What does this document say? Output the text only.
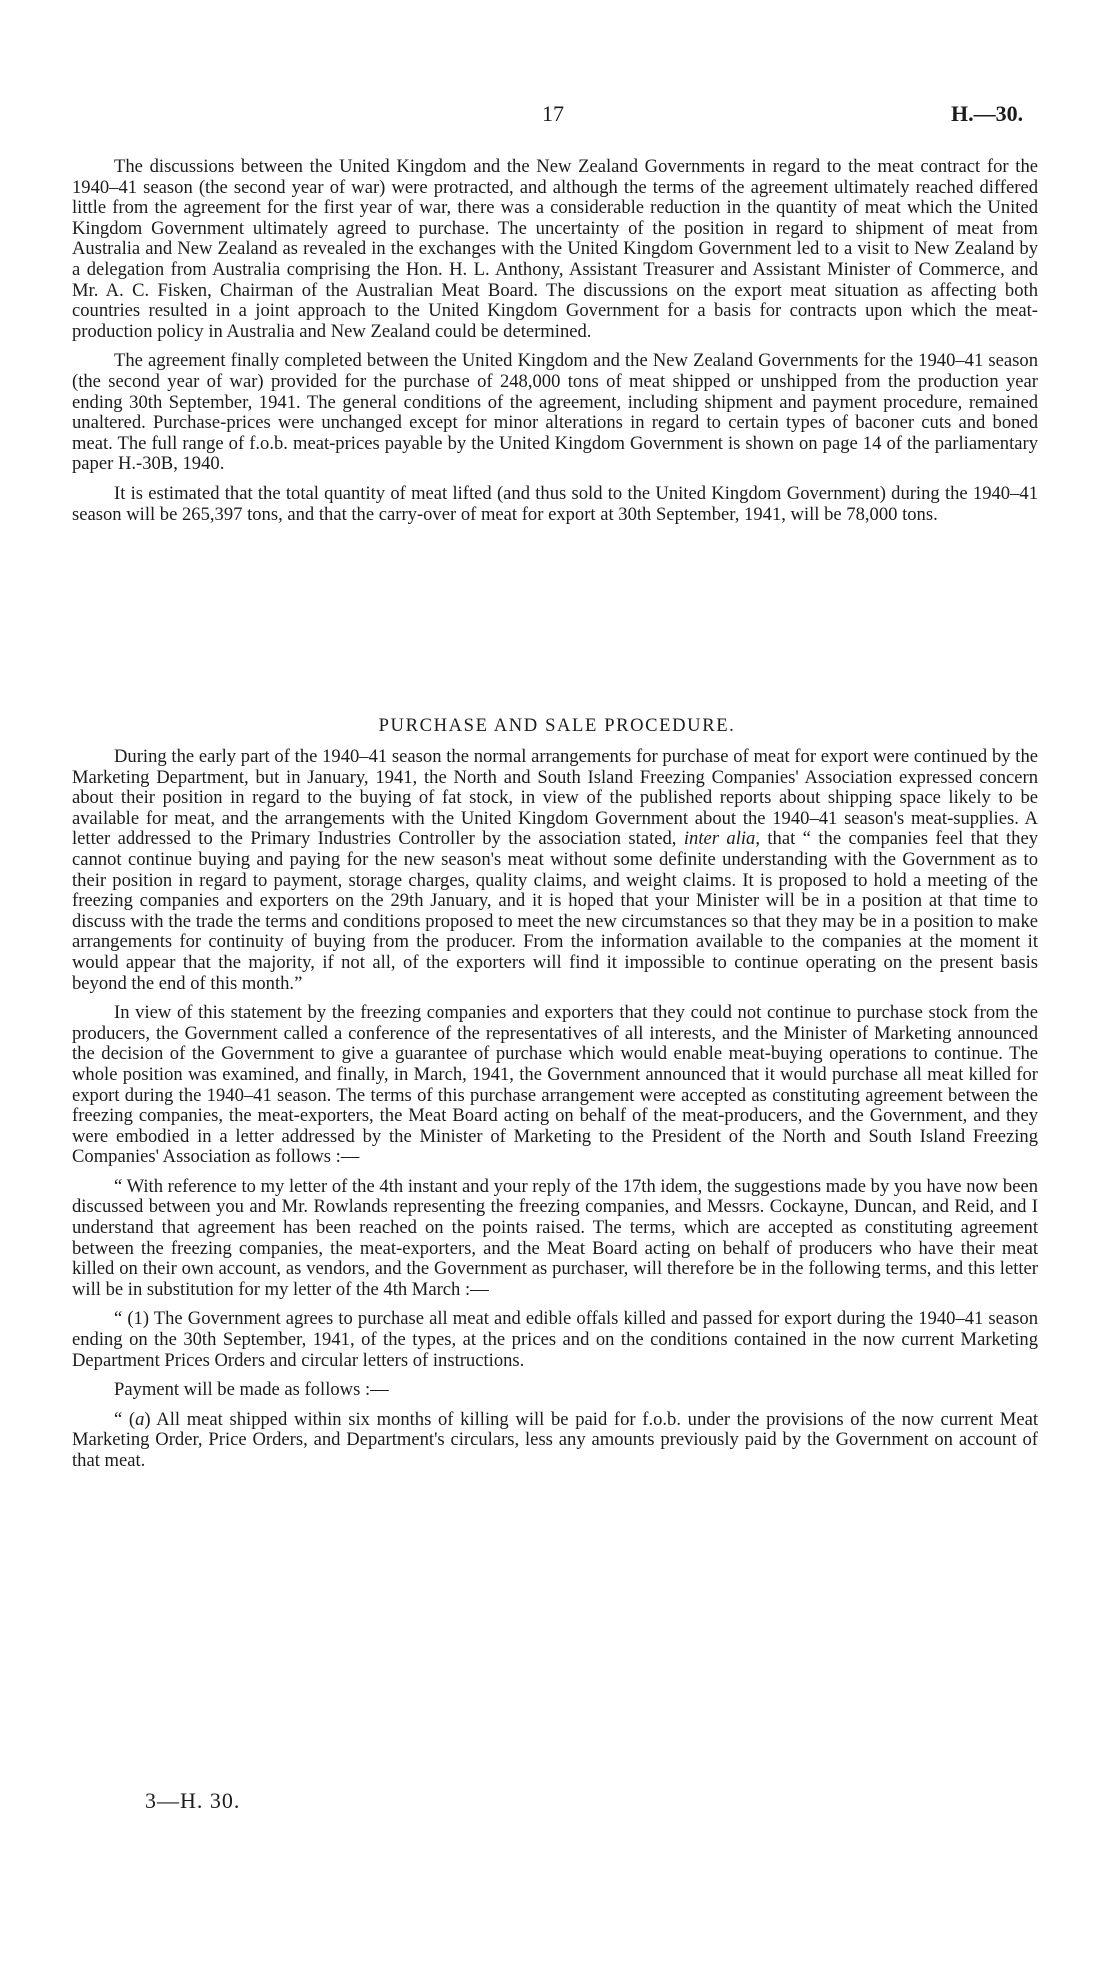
17	H.—30.

The discussions between the United Kingdom and the New Zealand Governments in regard to the meat contract for the 1940–41 season (the second year of war) were protracted, and although the terms of the agreement ultimately reached differed little from the agreement for the first year of war, there was a considerable reduction in the quantity of meat which the United Kingdom Government ultimately agreed to purchase. The uncertainty of the position in regard to shipment of meat from Australia and New Zealand as revealed in the exchanges with the United Kingdom Government led to a visit to New Zealand by a delegation from Australia comprising the Hon. H. L. Anthony, Assistant Treasurer and Assistant Minister of Commerce, and Mr. A. C. Fisken, Chairman of the Australian Meat Board. The discussions on the export meat situation as affecting both countries resulted in a joint approach to the United Kingdom Government for a basis for contracts upon which the meat-production policy in Australia and New Zealand could be determined.

The agreement finally completed between the United Kingdom and the New Zealand Governments for the 1940–41 season (the second year of war) provided for the purchase of 248,000 tons of meat shipped or unshipped from the production year ending 30th September, 1941. The general conditions of the agreement, including shipment and payment procedure, remained unaltered. Purchase-prices were unchanged except for minor alterations in regard to certain types of baconer cuts and boned meat. The full range of f.o.b. meat-prices payable by the United Kingdom Government is shown on page 14 of the parliamentary paper H.-30B, 1940.

It is estimated that the total quantity of meat lifted (and thus sold to the United Kingdom Government) during the 1940–41 season will be 265,397 tons, and that the carry-over of meat for export at 30th September, 1941, will be 78,000 tons.

PURCHASE AND SALE PROCEDURE.

During the early part of the 1940–41 season the normal arrangements for purchase of meat for export were continued by the Marketing Department, but in January, 1941, the North and South Island Freezing Companies' Association expressed concern about their position in regard to the buying of fat stock, in view of the published reports about shipping space likely to be available for meat, and the arrangements with the United Kingdom Government about the 1940–41 season's meat-supplies. A letter addressed to the Primary Industries Controller by the association stated, inter alia, that “ the companies feel that they cannot continue buying and paying for the new season's meat without some definite understanding with the Government as to their position in regard to payment, storage charges, quality claims, and weight claims. It is proposed to hold a meeting of the freezing companies and exporters on the 29th January, and it is hoped that your Minister will be in a position at that time to discuss with the trade the terms and conditions proposed to meet the new circumstances so that they may be in a position to make arrangements for continuity of buying from the producer. From the information available to the companies at the moment it would appear that the majority, if not all, of the exporters will find it impossible to continue operating on the present basis beyond the end of this month.”

In view of this statement by the freezing companies and exporters that they could not continue to purchase stock from the producers, the Government called a conference of the representatives of all interests, and the Minister of Marketing announced the decision of the Government to give a guarantee of purchase which would enable meat-buying operations to continue. The whole position was examined, and finally, in March, 1941, the Government announced that it would purchase all meat killed for export during the 1940–41 season. The terms of this purchase arrangement were accepted as constituting agreement between the freezing companies, the meat-exporters, the Meat Board acting on behalf of the meat-producers, and the Government, and they were embodied in a letter addressed by the Minister of Marketing to the President of the North and South Island Freezing Companies' Association as follows :—

“ With reference to my letter of the 4th instant and your reply of the 17th idem, the suggestions made by you have now been discussed between you and Mr. Rowlands representing the freezing companies, and Messrs. Cockayne, Duncan, and Reid, and I understand that agreement has been reached on the points raised. The terms, which are accepted as constituting agreement between the freezing companies, the meat-exporters, and the Meat Board acting on behalf of producers who have their meat killed on their own account, as vendors, and the Government as purchaser, will therefore be in the following terms, and this letter will be in substitution for my letter of the 4th March :—

“ (1) The Government agrees to purchase all meat and edible offals killed and passed for export during the 1940–41 season ending on the 30th September, 1941, of the types, at the prices and on the conditions contained in the now current Marketing Department Prices Orders and circular letters of instructions.

Payment will be made as follows :—

“ (a) All meat shipped within six months of killing will be paid for f.o.b. under the provisions of the now current Meat Marketing Order, Price Orders, and Department's circulars, less any amounts previously paid by the Government on account of that meat.

3—H. 30.
